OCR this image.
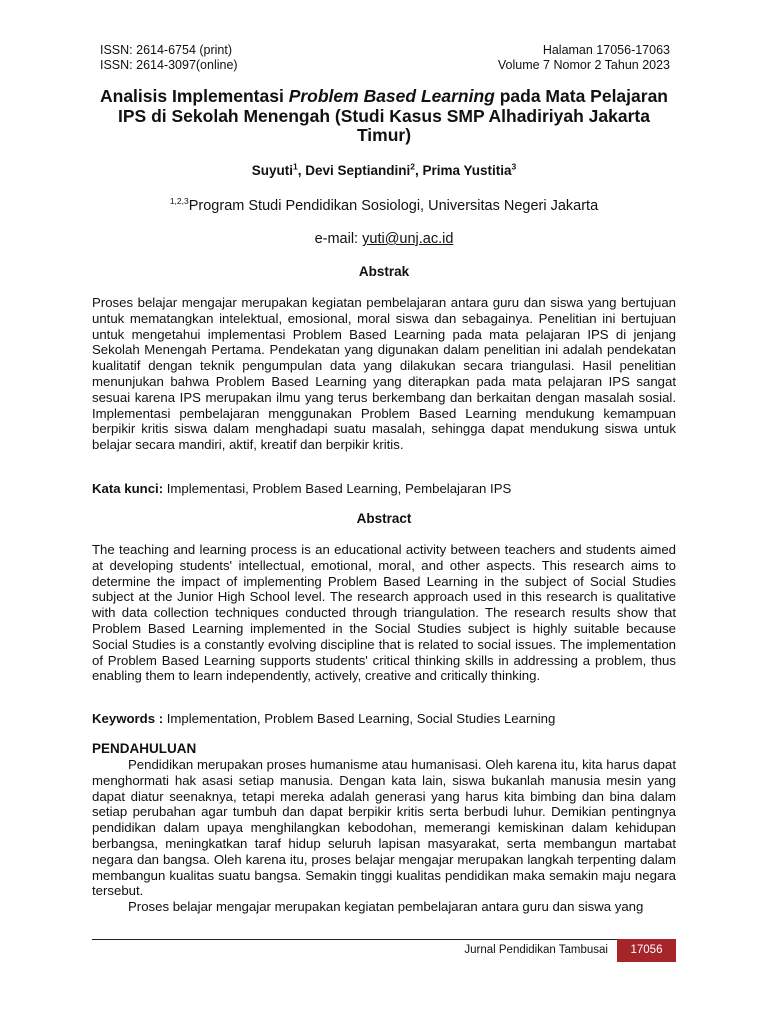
ISSN: 2614-6754 (print)
ISSN: 2614-3097(online)
Halaman 17056-17063
Volume 7 Nomor 2 Tahun 2023
Analisis Implementasi Problem Based Learning pada Mata Pelajaran IPS di Sekolah Menengah (Studi Kasus SMP Alhadiriyah Jakarta Timur)
Suyuti$^1$, Devi Septiandini$^2$, Prima Yustitia$^3$
$^{1,2,3}$Program Studi Pendidikan Sosiologi, Universitas Negeri Jakarta
e-mail: yuti@unj.ac.id
Abstrak

Proses belajar mengajar merupakan kegiatan pembelajaran antara guru dan siswa yang bertujuan untuk mematangkan intelektual, emosional, moral siswa dan sebagainya. Penelitian ini bertujuan untuk mengetahui implementasi Problem Based Learning pada mata pelajaran IPS di jenjang Sekolah Menengah Pertama. Pendekatan yang digunakan dalam penelitian ini adalah pendekatan kualitatif dengan teknik pengumpulan data yang dilakukan secara triangulasi. Hasil penelitian menunjukan bahwa Problem Based Learning yang diterapkan pada mata pelajaran IPS sangat sesuai karena IPS merupakan ilmu yang terus berkembang dan berkaitan dengan masalah sosial. Implementasi pembelajaran menggunakan Problem Based Learning mendukung kemampuan berpikir kritis siswa dalam menghadapi suatu masalah, sehingga dapat mendukung siswa untuk belajar secara mandiri, aktif, kreatif dan berpikir kritis.

Kata kunci: Implementasi, Problem Based Learning, Pembelajaran IPS
Abstract

The teaching and learning process is an educational activity between teachers and students aimed at developing students' intellectual, emotional, moral, and other aspects. This research aims to determine the impact of implementing Problem Based Learning in the subject of Social Studies subject at the Junior High School level. The research approach used in this research is qualitative with data collection techniques conducted through triangulation. The research results show that Problem Based Learning implemented in the Social Studies subject is highly suitable because Social Studies is a constantly evolving discipline that is related to social issues. The implementation of Problem Based Learning supports students' critical thinking skills in addressing a problem, thus enabling them to learn independently, actively, creative and critically thinking.

Keywords : Implementation, Problem Based Learning, Social Studies Learning
PENDAHULUAN

Pendidikan merupakan proses humanisme atau humanisasi. Oleh karena itu, kita harus dapat menghormati hak asasi setiap manusia. Dengan kata lain, siswa bukanlah manusia mesin yang dapat diatur seenaknya, tetapi mereka adalah generasi yang harus kita bimbing dan bina dalam setiap perubahan agar tumbuh dan dapat berpikir kritis serta berbudi luhur. Demikian pentingnya pendidikan dalam upaya menghilangkan kebodohan, memerangi kemiskinan dalam kehidupan berbangsa, meningkatkan taraf hidup seluruh lapisan masyarakat, serta membangun martabat negara dan bangsa. Oleh karena itu, proses belajar mengajar merupakan langkah terpenting dalam membangun kualitas suatu bangsa. Semakin tinggi kualitas pendidikan maka semakin maju negara tersebut.

Proses belajar mengajar merupakan kegiatan pembelajaran antara guru dan siswa yang

Jurnal Pendidikan Tambusai	17056
